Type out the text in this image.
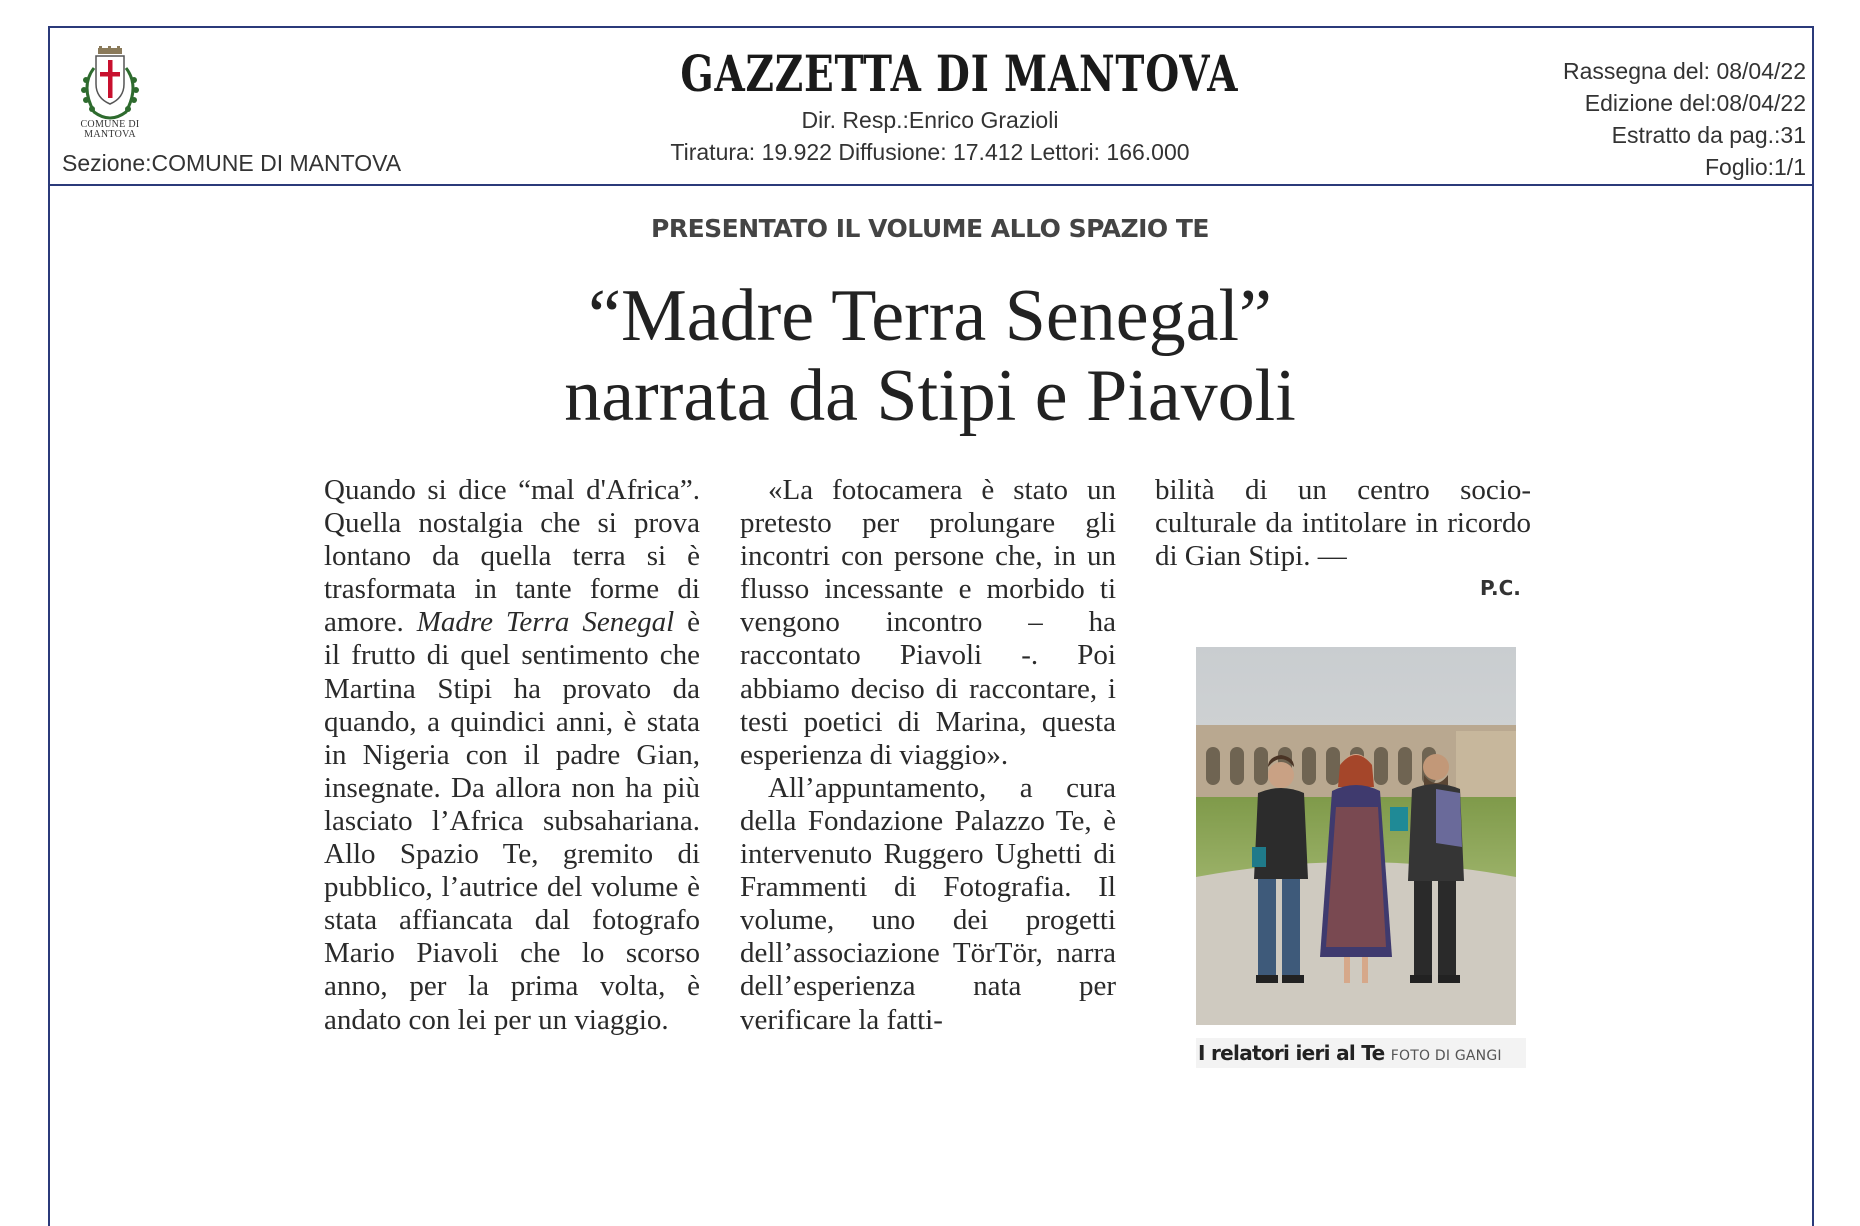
COMUNE DI
MANTOVA
Sezione:COMUNE DI MANTOVA
GAZZETTA DI MANTOVA
Dir. Resp.:Enrico Grazioli
Tiratura: 19.922 Diffusione: 17.412 Lettori: 166.000
Rassegna del: 08/04/22
Edizione del:08/04/22
Estratto da pag.:31
Foglio:1/1
PRESENTATO IL VOLUME ALLO SPAZIO TE
“Madre Terra Senegal”
narrata da Stipi e Piavoli

Quando si dice “mal d'Africa”. Quella nostalgia che si prova lontano da quella terra si è trasformata in tante forme di amore. Madre Terra Senegal è il frutto di quel sentimento che Martina Stipi ha provato da quando, a quindici anni, è stata in Nigeria con il padre Gian, insegnate. Da allora non ha più lasciato l’Africa subsahariana. Allo Spazio Te, gremito di pubblico, l’autrice del volume è stata affiancata dal fotografo Mario Piavoli che lo scorso anno, per la prima volta, è andato con lei per un viaggio.

«La fotocamera è stato un pretesto per prolungare gli incontri con persone che, in un flusso incessante e morbido ti vengono incontro – ha raccontato Piavoli -. Poi abbiamo deciso di raccontare, i testi poetici di Marina, questa esperienza di viaggio».

All’appuntamento, a cura della Fondazione Palazzo Te, è intervenuto Ruggero Ughetti di Frammenti di Fotografia. Il volume, uno dei progetti dell’associazione TörTör, narra dell’esperienza nata per verificare la fatti-

bilità di un centro socio-culturale da intitolare in ricordo di Gian Stipi. —

P.C.
I relatori ieri al Te FOTO DI GANGI
